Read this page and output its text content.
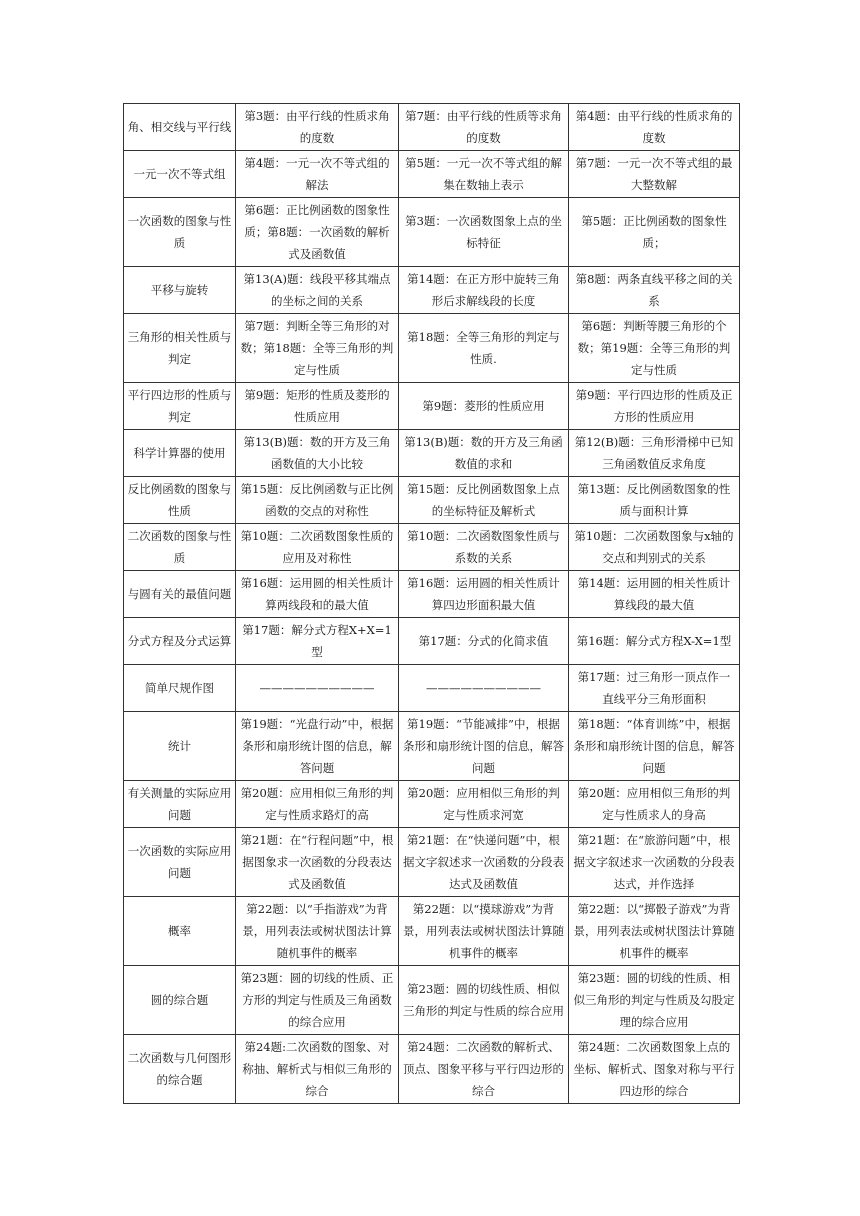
角、相交线与平行线	第3题：由平行线的性质求角的度数	第7题：由平行线的性质等求角的度数	第4题：由平行线的性质求角的度数
一元一次不等式组	第4题：一元一次不等式组的解法	第5题：一元一次不等式组的解集在数轴上表示	第7题：一元一次不等式组的最大整数解
一次函数的图象与性质	第6题：正比例函数的图象性质；第8题：一次函数的解析式及函数值	第3题：一次函数图象上点的坐标特征	第5题：正比例函数的图象性质；
平移与旋转	第13(A)题：线段平移其端点的坐标之间的关系	第14题：在正方形中旋转三角形后求解线段的长度	第8题：两条直线平移之间的关系
三角形的相关性质与判定	第7题：判断全等三角形的对数；第18题：全等三角形的判定与性质	第18题：全等三角形的判定与性质.	第6题：判断等腰三角形的个数；第19题：全等三角形的判定与性质
平行四边形的性质与判定	第9题：矩形的性质及菱形的性质应用	第9题：菱形的性质应用	第9题：平行四边形的性质及正方形的性质应用
科学计算器的使用	第13(B)题：数的开方及三角函数值的大小比较	第13(B)题：数的开方及三角函数值的求和	第12(B)题：三角形滑梯中已知三角函数值反求角度
反比例函数的图象与性质	第15题：反比例函数与正比例函数的交点的对称性	第15题：反比例函数图象上点的坐标特征及解析式	第13题：反比例函数图象的性质与面积计算
二次函数的图象与性质	第10题：二次函数图象性质的应用及对称性	第10题：二次函数图象性质与系数的关系	第10题：二次函数图象与x轴的交点和判别式的关系
与圆有关的最值问题	第16题：运用圆的相关性质计算两线段和的最大值	第16题：运用圆的相关性质计算四边形面积最大值	第14题：运用圆的相关性质计算线段的最大值
分式方程及分式运算	第17题：解分式方程X+X=1型	第17题：分式的化简求值	第16题：解分式方程X-X=1型
简单尺规作图	——————————	——————————	第17题：过三角形一顶点作一直线平分三角形面积
统计	第19题：“光盘行动”中，根据条形和扇形统计图的信息，解答问题	第19题：“节能减排”中，根据条形和扇形统计图的信息，解答问题	第18题：“体育训练”中，根据条形和扇形统计图的信息，解答问题
有关测量的实际应用问题	第20题：应用相似三角形的判定与性质求路灯的高	第20题：应用相似三角形的判定与性质求河宽	第20题：应用相似三角形的判定与性质求人的身高
一次函数的实际应用问题	第21题：在“行程问题”中，根据图象求一次函数的分段表达式及函数值	第21题：在“快递问题”中，根据文字叙述求一次函数的分段表达式及函数值	第21题：在“旅游问题”中，根据文字叙述求一次函数的分段表达式，并作选择
概率	第22题：以“手指游戏”为背景，用列表法或树状图法计算随机事件的概率	第22题：以“摸球游戏”为背景，用列表法或树状图法计算随机事件的概率	第22题：以“掷骰子游戏”为背景，用列表法或树状图法计算随机事件的概率
圆的综合题	第23题：圆的切线的性质、正方形的判定与性质及三角函数的综合应用	第23题：圆的切线性质、相似三角形的判定与性质的综合应用	第23题：圆的切线的性质、相似三角形的判定与性质及勾股定理的综合应用
二次函数与几何图形的综合题	第24题:二次函数的图象、对称抽、解析式与相似三角形的综合	第24题：二次函数的解析式、顶点、图象平移与平行四边形的综合	第24题：二次函数图象上点的坐标、解析式、图象对称与平行四边形的综合
